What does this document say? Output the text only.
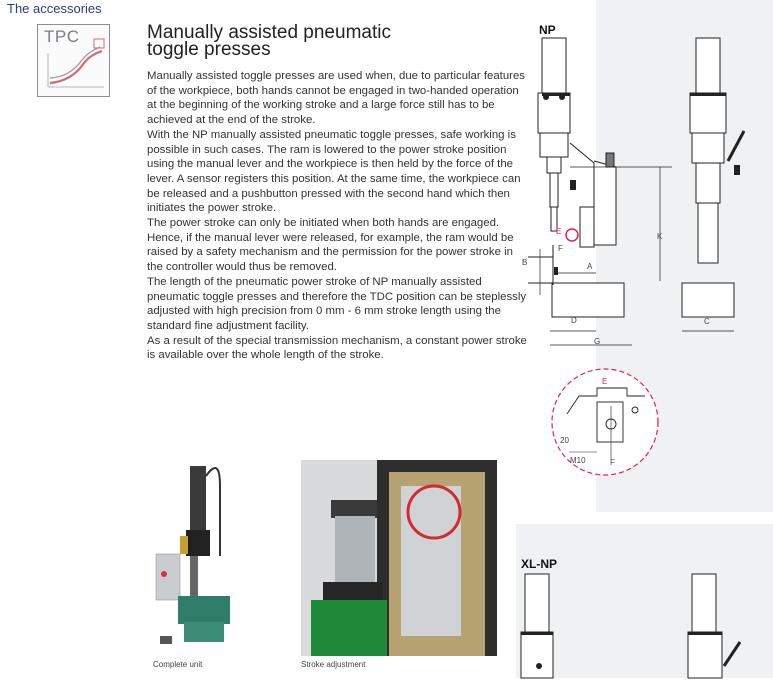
The accessories
TPC	Manually assisted pneumatic
toggle presses

Manually assisted toggle presses are used when, due to particular features of the workpiece, both hands cannot be engaged in two-handed operation at the beginning of the working stroke and a large force still has to be achieved at the end of the stroke.

With the NP manually assisted pneumatic toggle presses, safe working is possible in such cases. The ram is lowered to the power stroke position using the manual lever and the workpiece is then held by the force of the lever. A sensor registers this position. At the same time, the workpiece can be released and a pushbutton pressed with the second hand which then initiates the power stroke.

The power stroke can only be initiated when both hands are engaged. Hence, if the manual lever were released, for example, the ram would be raised by a safety mechanism and the permission for the power stroke in the controller would thus be removed.

The length of the pneumatic power stroke of NP manually assisted pneumatic toggle presses and therefore the TDC position can be steplessly adjusted with high precision from 0 mm - 6 mm stroke length using the standard fine adjustment facility.

As a result of the special transmission mechanism, a constant power stroke is available over the whole length of the stroke.

NP
E
F
A
B
K
D
G
C
E
20
M10	F
XL-NP
Complete unit	Stroke adjustment
